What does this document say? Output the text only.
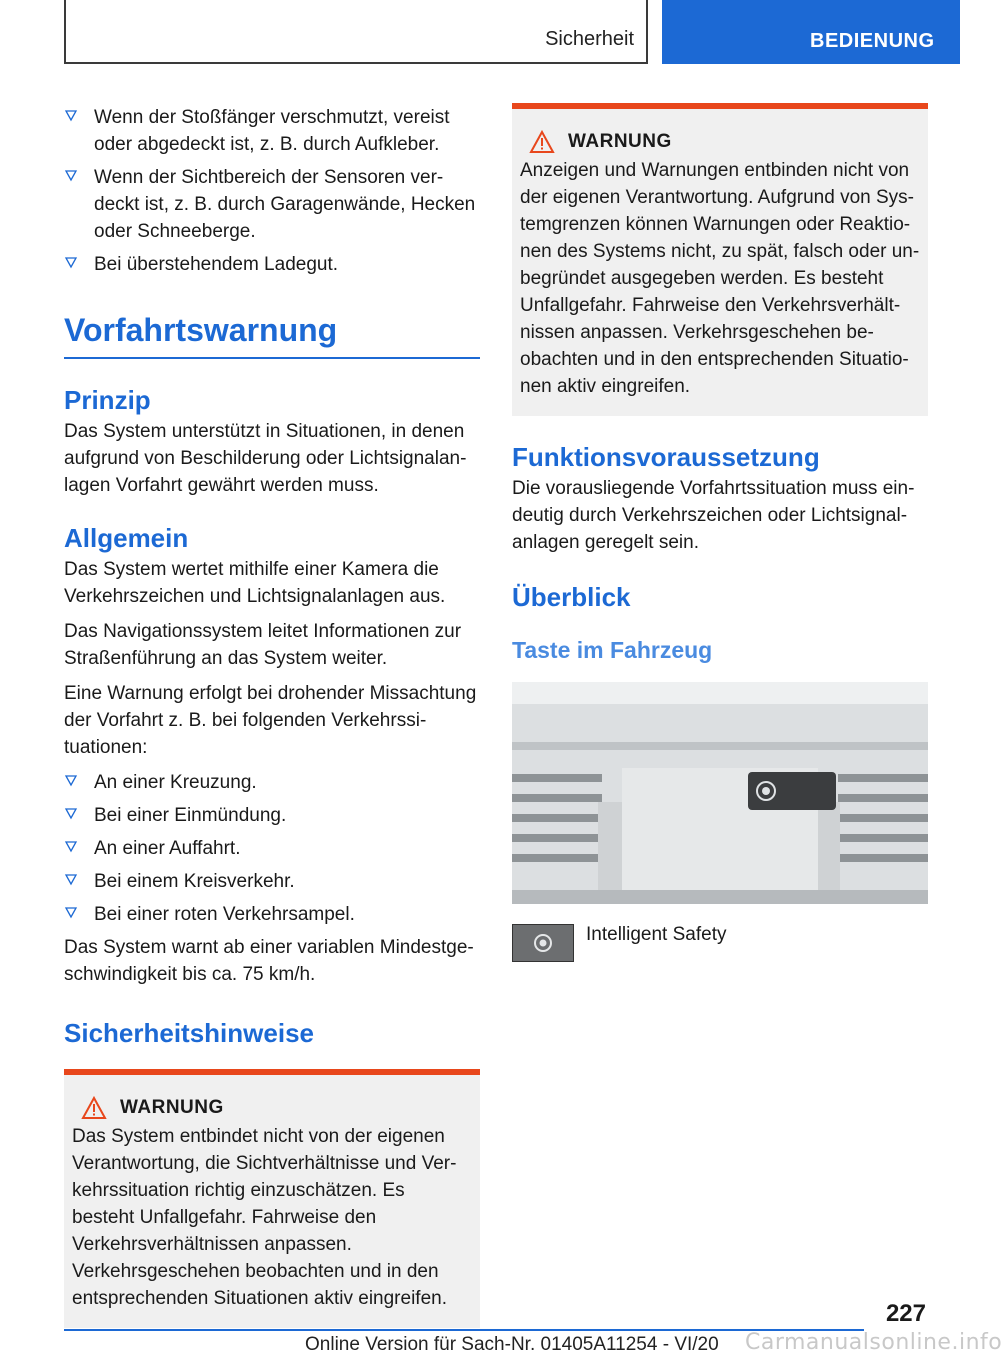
Sicherheit	BEDIENUNG
Wenn der Stoßfänger verschmutzt, vereist oder abgedeckt ist, z. B. durch Aufkleber.
Wenn der Sichtbereich der Sensoren verdeckt ist, z. B. durch Garagenwände, Hecken oder Schneeberge.
Bei überstehendem Ladegut.
Vorfahrtswarnung
Prinzip

Das System unterstützt in Situationen, in denen aufgrund von Beschilderung oder Lichtsignalanlagen Vorfahrt gewährt werden muss.

Allgemein

Das System wertet mithilfe einer Kamera die Verkehrszeichen und Lichtsignalanlagen aus.

Das Navigationssystem leitet Informationen zur Straßenführung an das System weiter.

Eine Warnung erfolgt bei drohender Missachtung der Vorfahrt z. B. bei folgenden Verkehrssituationen:

An einer Kreuzung.
Bei einer Einmündung.
An einer Auffahrt.
Bei einem Kreisverkehr.
Bei einer roten Verkehrsampel.

Das System warnt ab einer variablen Mindestgeschwindigkeit bis ca. 75 km/h.

Sicherheitshinweise
WARNUNG

Das System entbindet nicht von der eigenen Verantwortung, die Sichtverhältnisse und Verkehrssituation richtig einzuschätzen. Es besteht Unfallgefahr. Fahrweise den Verkehrsverhältnissen anpassen. Verkehrsgeschehen beobachten und in den entsprechenden Situationen aktiv eingreifen.

WARNUNG

Anzeigen und Warnungen entbinden nicht von der eigenen Verantwortung. Aufgrund von Systemgrenzen können Warnungen oder Reaktionen des Systems nicht, zu spät, falsch oder unbegründet ausgegeben werden. Es besteht Unfallgefahr. Fahrweise den Verkehrsverhältnissen anpassen. Verkehrsgeschehen beobachten und in den entsprechenden Situationen aktiv eingreifen.

Funktionsvoraussetzung

Die vorausliegende Vorfahrtssituation muss eindeutig durch Verkehrszeichen oder Lichtsignalanlagen geregelt sein.

Überblick
Taste im Fahrzeug
Intelligent Safety
227
Online Version für Sach-Nr. 01405A11254 - VI/20 Carmanualsonline.info
